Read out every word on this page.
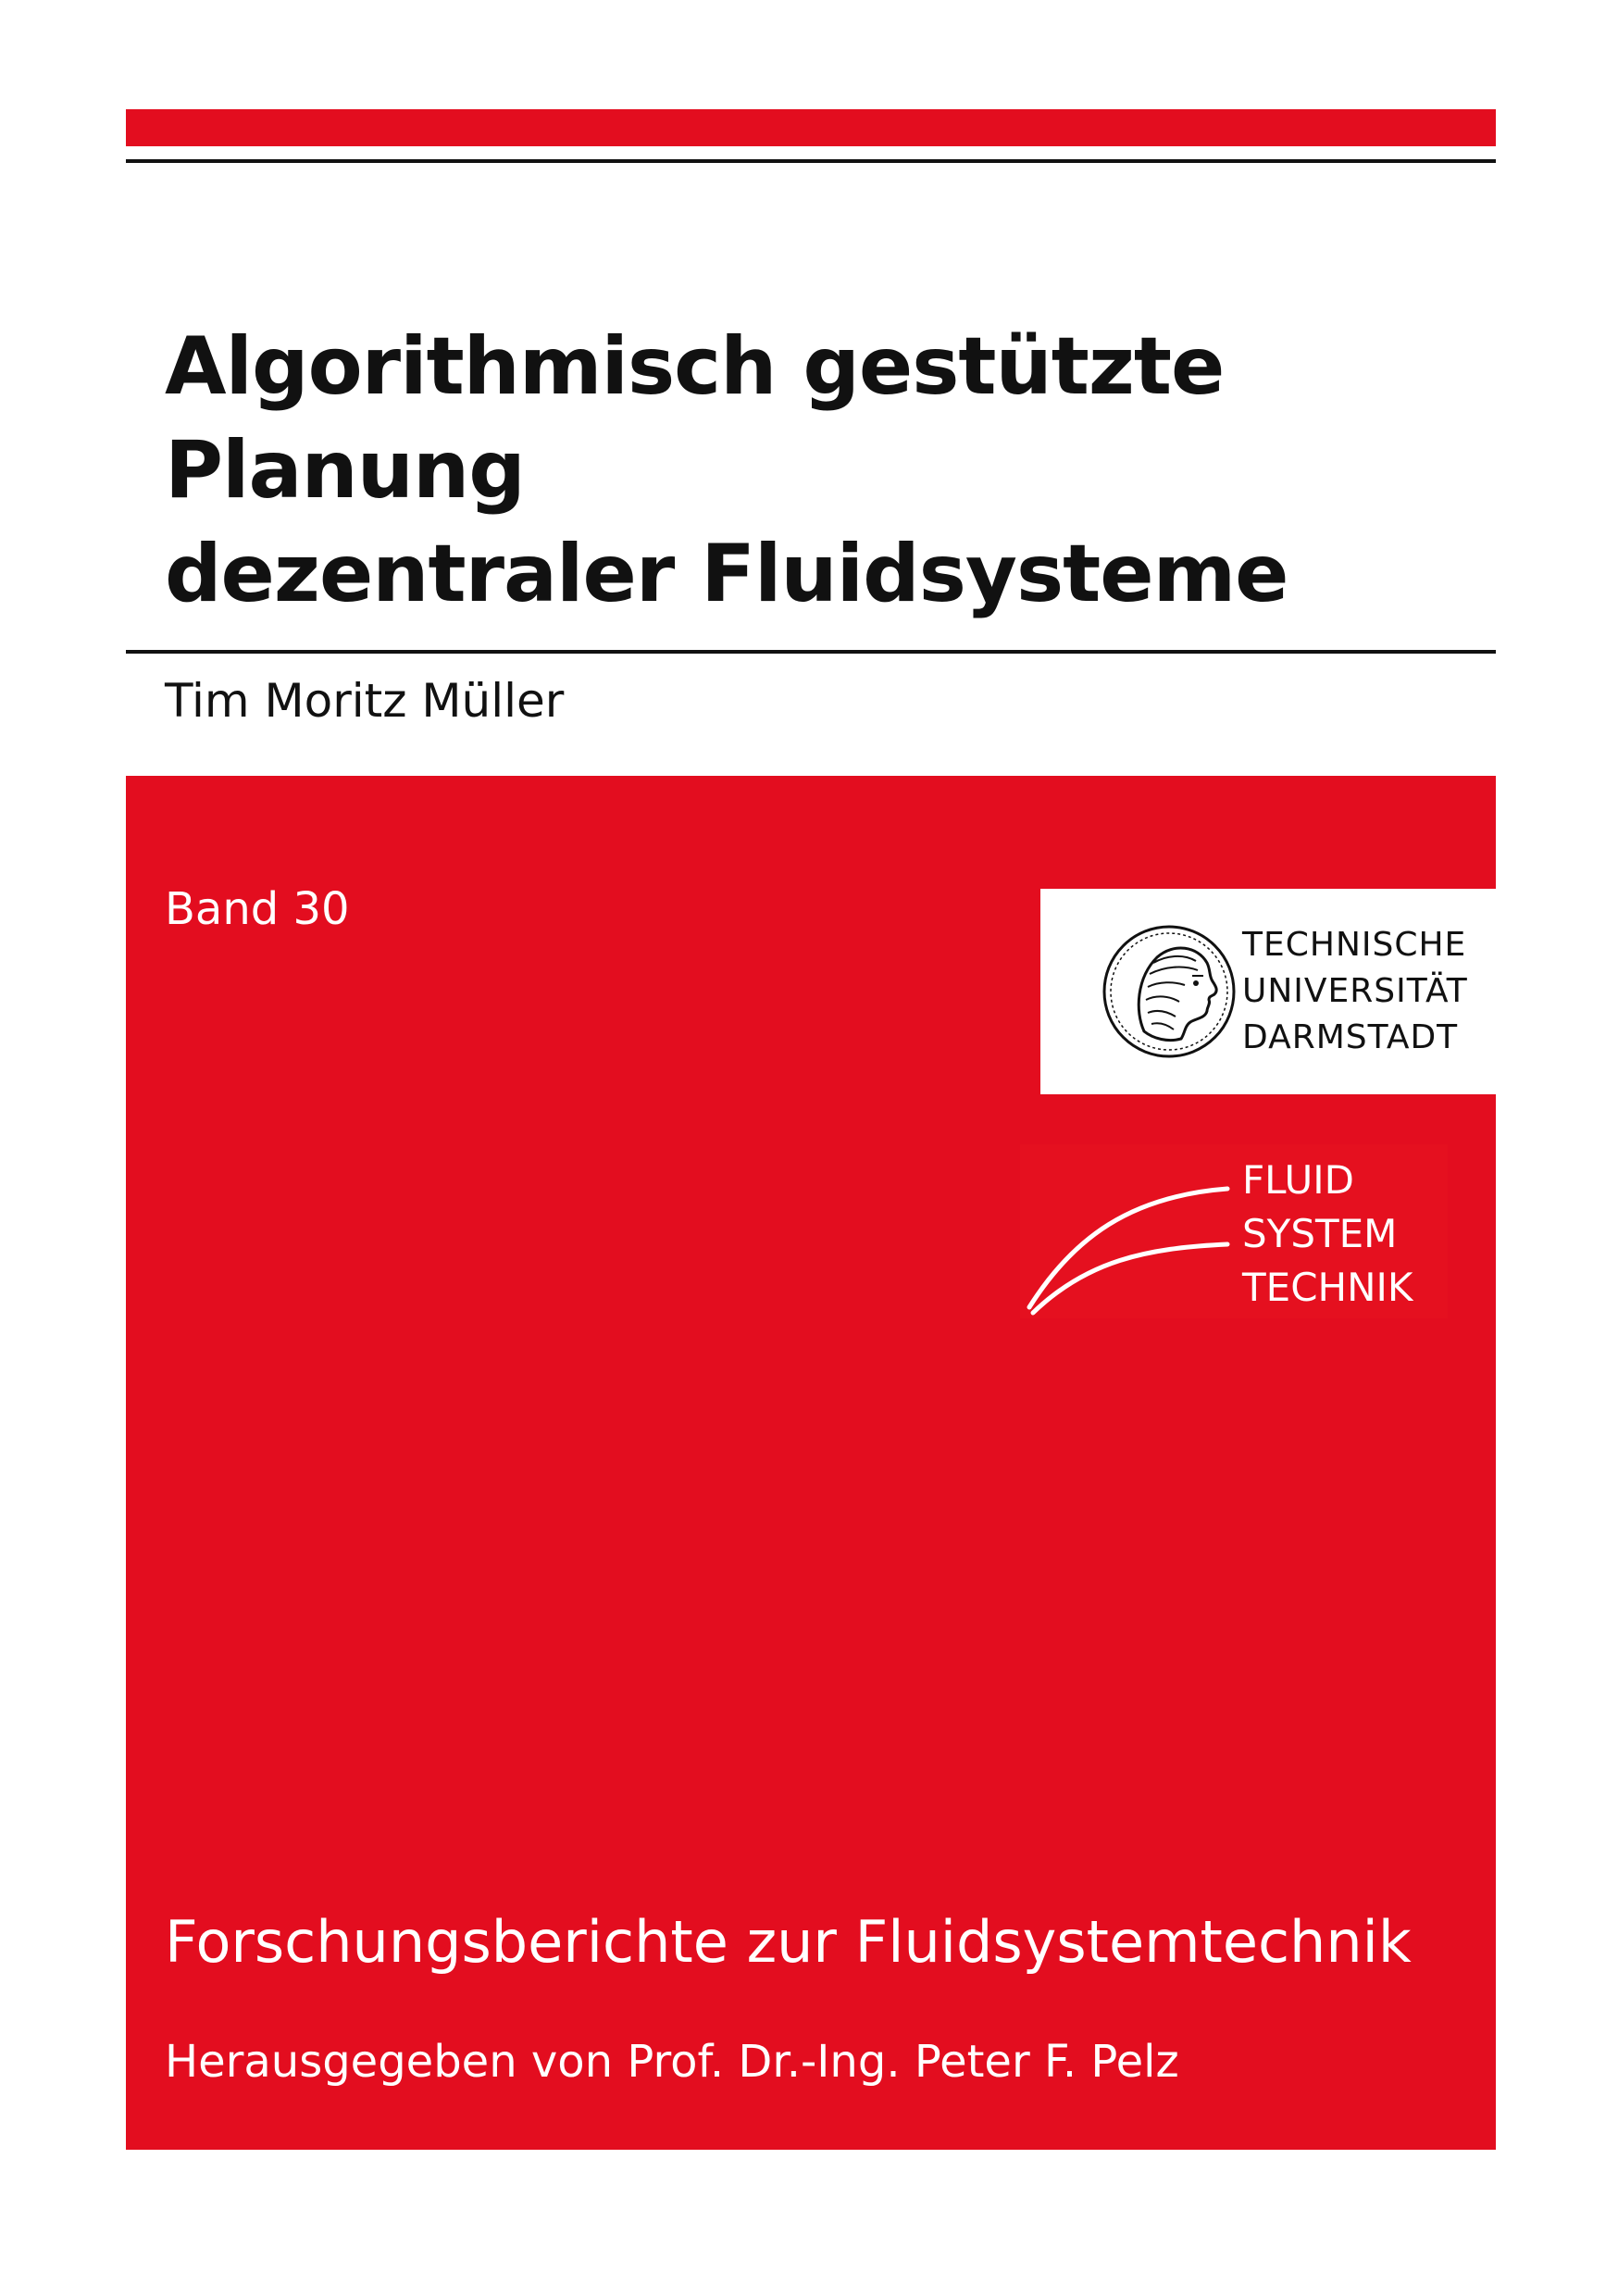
Algorithmisch gestützte Planung
dezentraler Fluidsysteme
Tim Moritz Müller
Band 30
TECHNISCHE
UNIVERSITÄT
DARMSTADT
FLUID
SYSTEM
TECHNIK
Forschungsberichte zur Fluidsystemtechnik
Herausgegeben von Prof. Dr.-Ing. Peter F. Pelz
